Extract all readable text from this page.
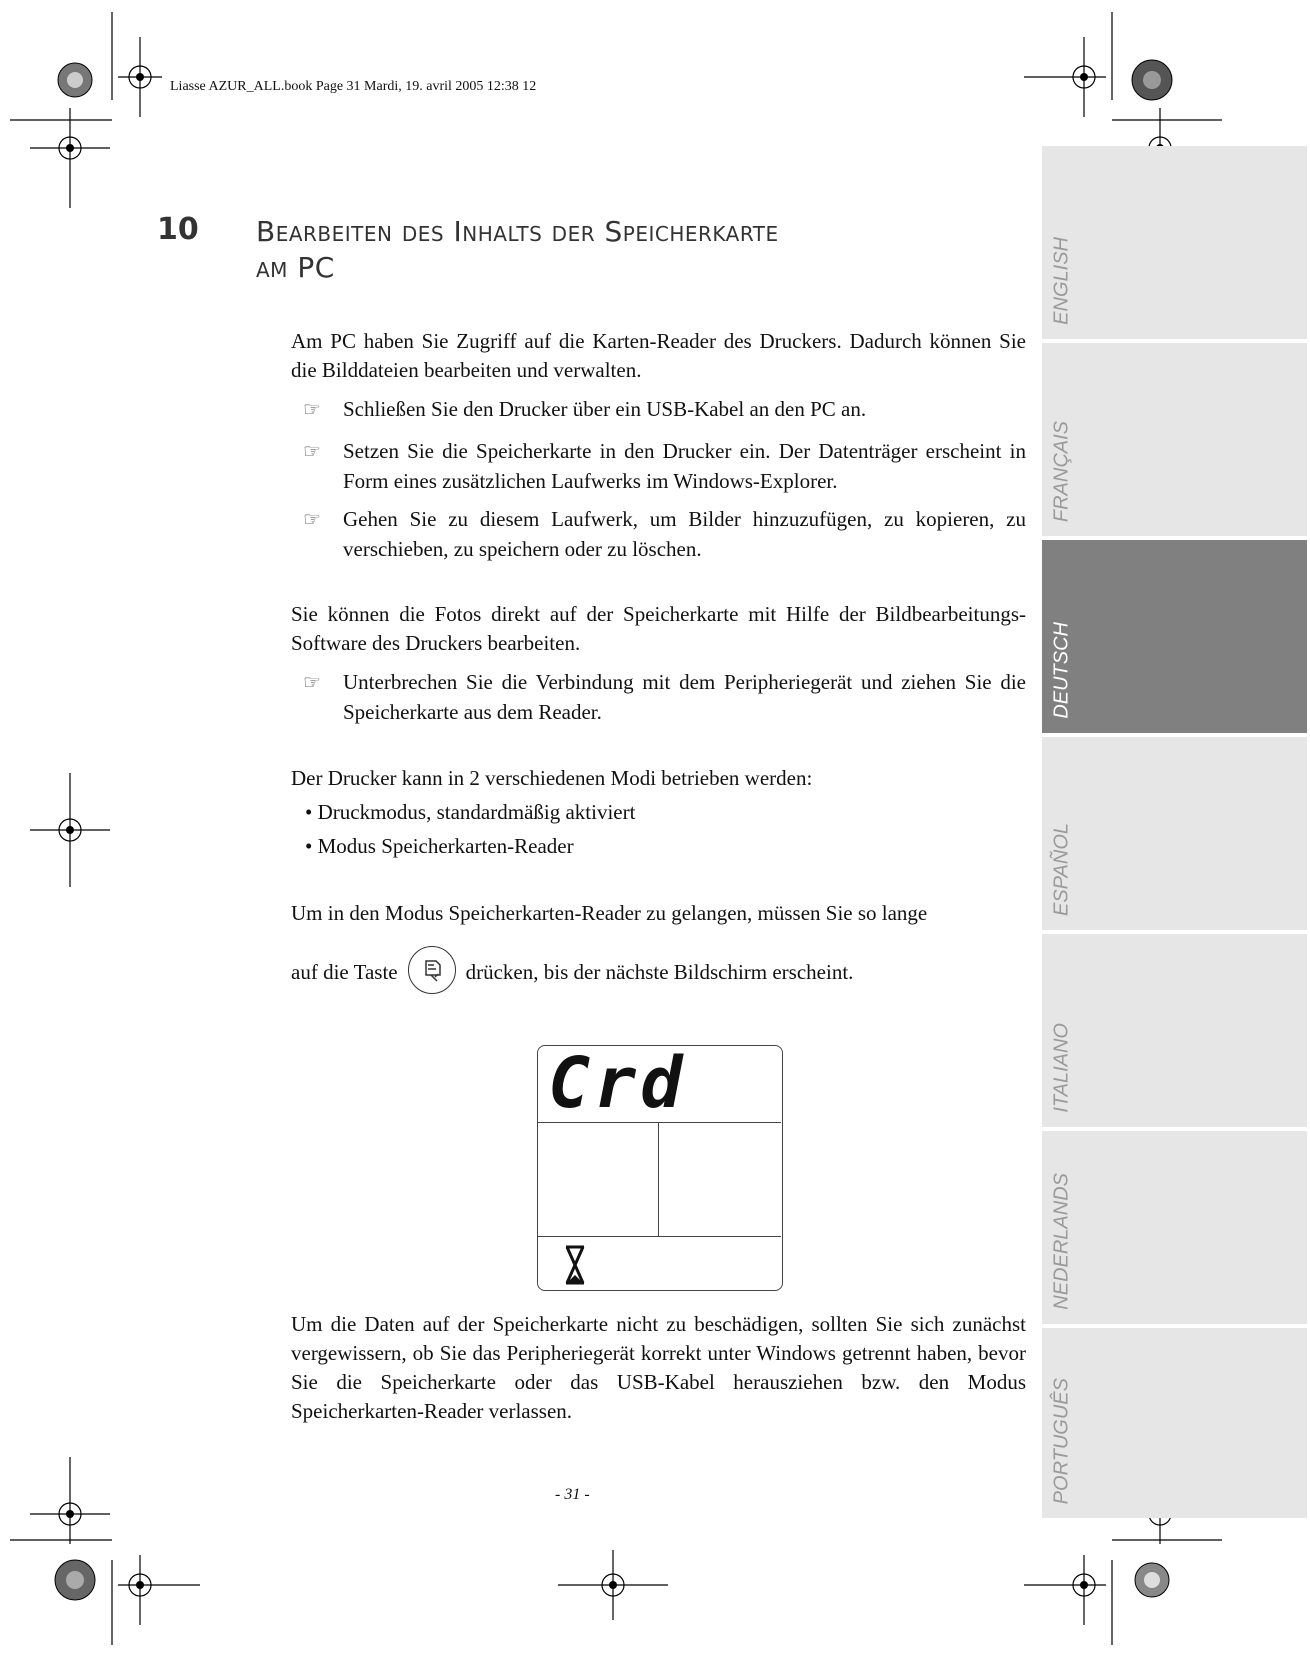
Liasse AZUR_ALL.book Page 31 Mardi, 19. avril 2005 12:38 12
10 Bearbeiten des Inhalts der Speicherkarte
am PC
Am PC haben Sie Zugriff auf die Karten-Reader des Druckers. Dadurch können Sie die Bilddateien bearbeiten und verwalten.
☞ Schließen Sie den Drucker über ein USB-Kabel an den PC an.
☞ Setzen Sie die Speicherkarte in den Drucker ein. Der Datenträger erscheint in Form eines zusätzlichen Laufwerks im Windows-Explorer.
☞ Gehen Sie zu diesem Laufwerk, um Bilder hinzuzufügen, zu kopieren, zu verschieben, zu speichern oder zu löschen.
Sie können die Fotos direkt auf der Speicherkarte mit Hilfe der Bildbearbeitungs-Software des Druckers bearbeiten.
☞ Unterbrechen Sie die Verbindung mit dem Peripheriegerät und ziehen Sie die Speicherkarte aus dem Reader.
Der Drucker kann in 2 verschiedenen Modi betrieben werden:
• Druckmodus, standardmäßig aktiviert
• Modus Speicherkarten-Reader
Um in den Modus Speicherkarten-Reader zu gelangen, müssen Sie so lange
auf die Taste	drücken, bis der nächste Bildschirm erscheint.
Crd
Um die Daten auf der Speicherkarte nicht zu beschädigen, sollten Sie sich zunächst vergewissern, ob Sie das Peripheriegerät korrekt unter Windows getrennt haben, bevor Sie die Speicherkarte oder das USB-Kabel herausziehen bzw. den Modus Speicherkarten-Reader verlassen.
- 31 -
ENGLISH
FRANÇAIS
DEUTSCH
ESPAÑOL
ITALIANO
NEDERLANDS
PORTUGUÊS
